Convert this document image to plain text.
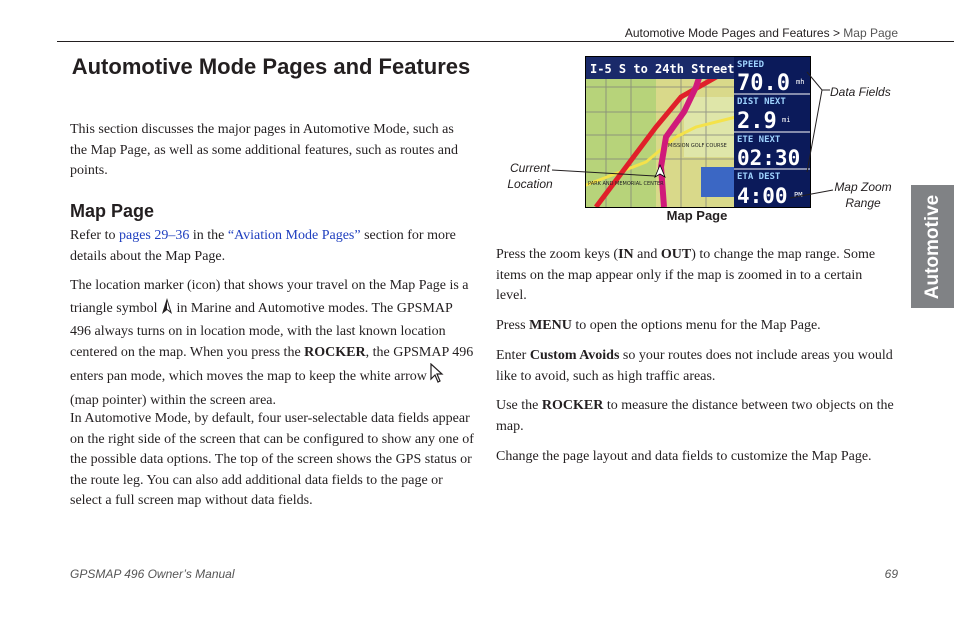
Automotive Mode Pages and Features > Map Page
Automotive Mode Pages and Features

This section discusses the major pages in Automotive Mode, such as the Map Page, as well as some additional features, such as routes and points.

Map Page

Refer to pages 29–36 in the “Aviation Mode Pages” section for more details about the Map Page.

The location marker (icon) that shows your travel on the Map Page is a triangle symbol  in Marine and Automotive modes. The GPSMAP 496 always turns on in location mode, with the last known location centered on the map. When you press the ROCKER, the GPSMAP 496 enters pan mode, which moves the map to keep the white arrow  (map pointer) within the screen area.

In Automotive Mode, by default, four user-selectable data fields appear on the right side of the screen that can be configured to show any one of the possible data options. The top of the screen shows the GPS status or the route leg. You can also add additional data fields to the page or select a full screen map without data fields.

I-5 S to 24th Street
PARK AND MEMORIAL CENTER
MISSION GOLF COURSE
SPEED
70.0 mh
DIST NEXT
2.9 mi
ETE NEXT
02:30
ETA DEST
4:00 PM
Data Fields
Current
Location	Map Zoom
Range
Map Page

Press the zoom keys (IN and OUT) to change the map range. Some items on the map appear only if the map is zoomed in to a certain level.

Press MENU to open the options menu for the Map Page.

Enter Custom Avoids so your routes does not include areas you would like to avoid, such as high traffic areas.

Use the ROCKER to measure the distance between two objects on the map.

Change the page layout and data fields to customize the Map Page.

Automotive
GPSMAP 496 Owner’s Manual	69
